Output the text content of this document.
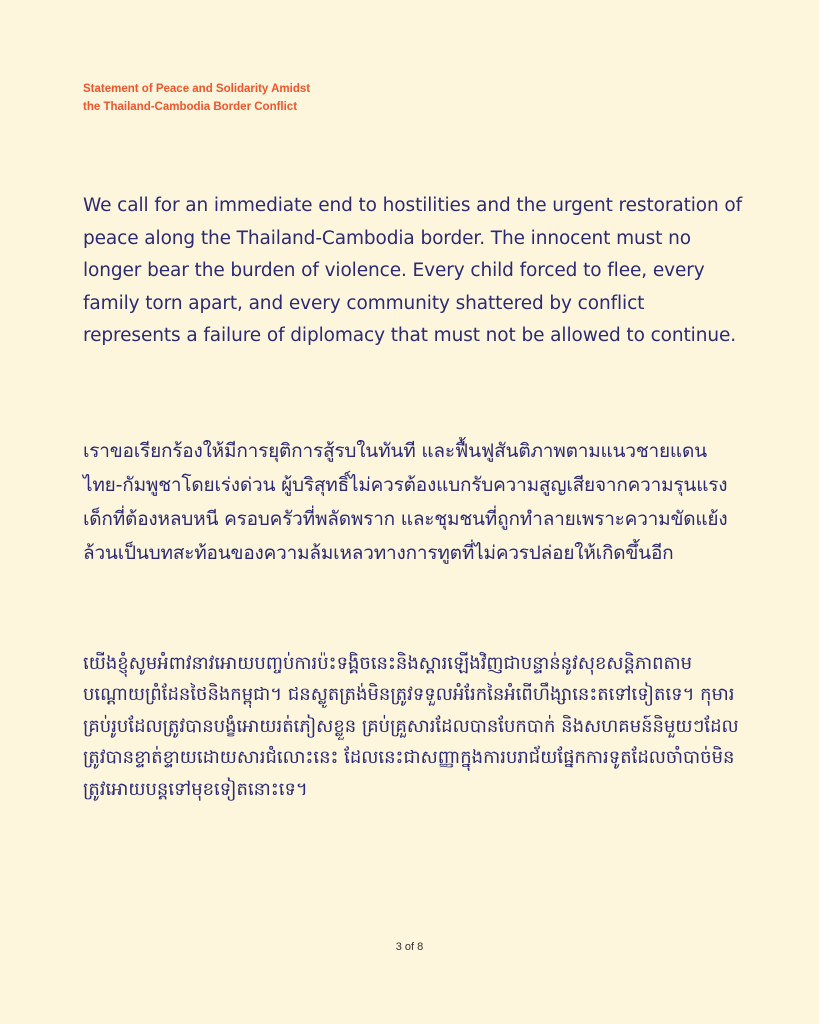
Statement of Peace and Solidarity Amidst
the Thailand-Cambodia Border Conflict

We call for an immediate end to hostilities and the urgent restoration of peace along the Thailand-Cambodia border. The innocent must no longer bear the burden of violence. Every child forced to flee, every family torn apart, and every community shattered by conflict represents a failure of diplomacy that must not be allowed to continue.

เราขอเรียกร้องให้มีการยุติการสู้รบในทันที และฟื้นฟูสันติภาพตามแนวชายแดนไทย-กัมพูชาโดยเร่งด่วน ผู้บริสุทธิ์ไม่ควรต้องแบกรับความสูญเสียจากความรุนแรง เด็กที่ต้องหลบหนี ครอบครัวที่พลัดพราก และชุมชนที่ถูกทำลายเพราะความขัดแย้ง ล้วนเป็นบทสะท้อนของความล้มเหลวทางการทูตที่ไม่ควรปล่อยให้เกิดขึ้นอีก

យើងខ្ញុំសូមអំពាវនាវអោយបញ្ចប់ការប៉ះទង្គិចនេះនិងស្តារឡើងវិញជាបន្ទាន់នូវសុខសន្តិភាពតាមបណ្តោយព្រំដែនថៃនិងកម្ពុជា។ ជនស្លូតត្រង់មិនត្រូវទទួលអំរែកនៃអំពើហឹង្សានេះតទៅទៀតទេ។ កុមារគ្រប់រូបដែលត្រូវបានបង្ខំអោយរត់ភៀសខ្លួន គ្រប់គ្រួសារដែលបានបែកបាក់ និងសហគមន៍និមួយៗដែលត្រូវបានខ្ទាត់ខ្ទាយដោយសារជំលោះនេះ ដែលនេះជាសញ្ញាក្នុងការបរាជ័យផ្នែកការទូតដែលចាំបាច់មិនត្រូវអោយបន្តទៅមុខទៀតនោះទេ។

3 of 8
